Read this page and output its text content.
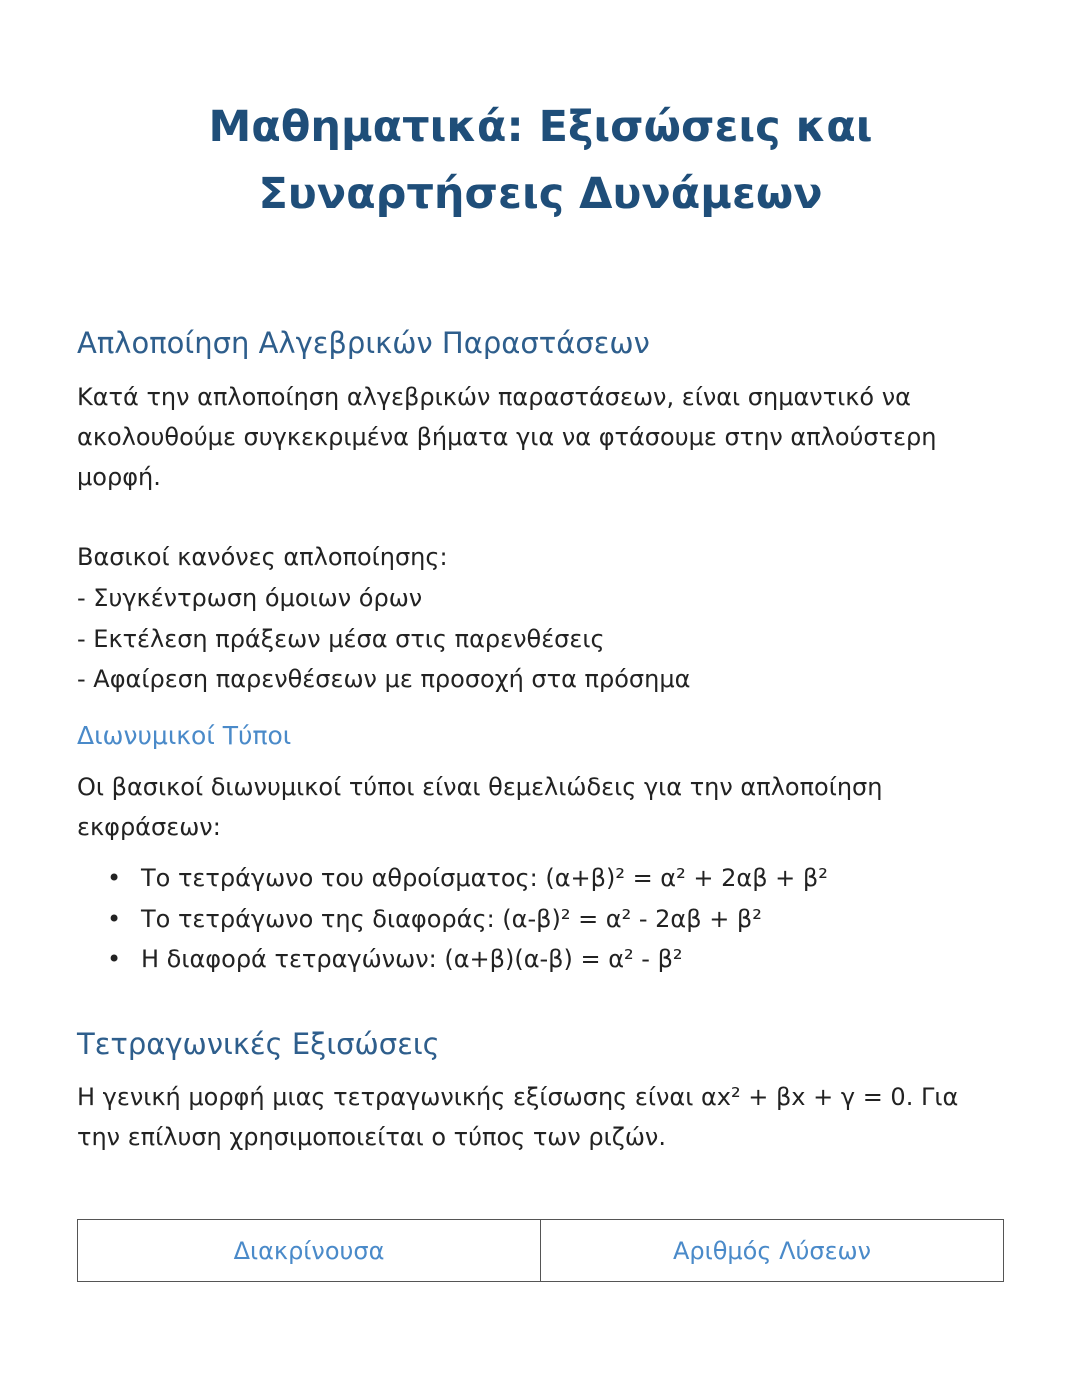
Μαθηματικά: Εξισώσεις και Συναρτήσεις Δυνάμεων
Απλοποίηση Αλγεβρικών Παραστάσεων

Κατά την απλοποίηση αλγεβρικών παραστάσεων, είναι σημαντικό να ακολουθούμε συγκεκριμένα βήματα για να φτάσουμε στην απλούστερη μορφή.

Βασικοί κανόνες απλοποίησης:

- Συγκέντρωση όμοιων όρων
- Εκτέλεση πράξεων μέσα στις παρενθέσεις
- Αφαίρεση παρενθέσεων με προσοχή στα πρόσημα
Διωνυμικοί Τύποι

Οι βασικοί διωνυμικοί τύποι είναι θεμελιώδεις για την απλοποίηση εκφράσεων:

• Το τετράγωνο του αθροίσματος: (α+β)² = α² + 2αβ + β²
• Το τετράγωνο της διαφοράς: (α-β)² = α² - 2αβ + β²
• Η διαφορά τετραγώνων: (α+β)(α-β) = α² - β²
Τετραγωνικές Εξισώσεις

Η γενική μορφή μιας τετραγωνικής εξίσωσης είναι αx² + βx + γ = 0. Για την επίλυση χρησιμοποιείται ο τύπος των ριζών.

Διακρίνουσα	Αριθμός Λύσεων
